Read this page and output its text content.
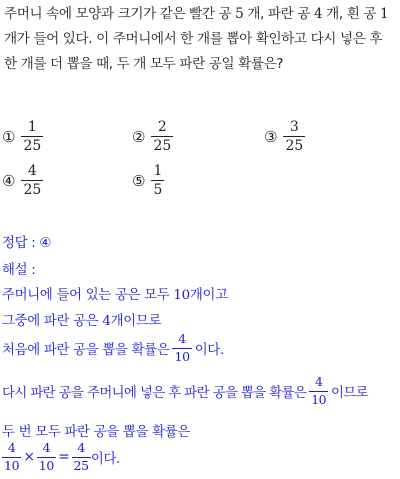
주머니 속에 모양과 크기가 같은 빨간 공 5 개, 파란 공 4 개, 흰 공 1 개가 들어 있다. 이 주머니에서 한 개를 뽑아 확인하고 다시 넣은 후 한 개를 더 뽑을 때, 두 개 모두 파란 공일 확률은?

① $\frac{1}{25}$	② $\frac{2}{25}$	③ $\frac{3}{25}$
④ $\frac{4}{25}$	⑤ $\frac{1}{5}$
정답 : ④
해설 :
주머니에 들어 있는 공은 모두 10개이고
그중에 파란 공은 4개이므로
처음에 파란 공을 뽑을 확률은 $\frac{4}{10}$ 이다.
다시 파란 공을 주머니에 넣은 후 파란 공을 뽑을 확률은 $\frac{4}{10}$ 이므로
두 번 모두 파란 공을 뽑을 확률은
$\frac{4}{10} \times \frac{4}{10} = \frac{4}{25}$ 이다.
